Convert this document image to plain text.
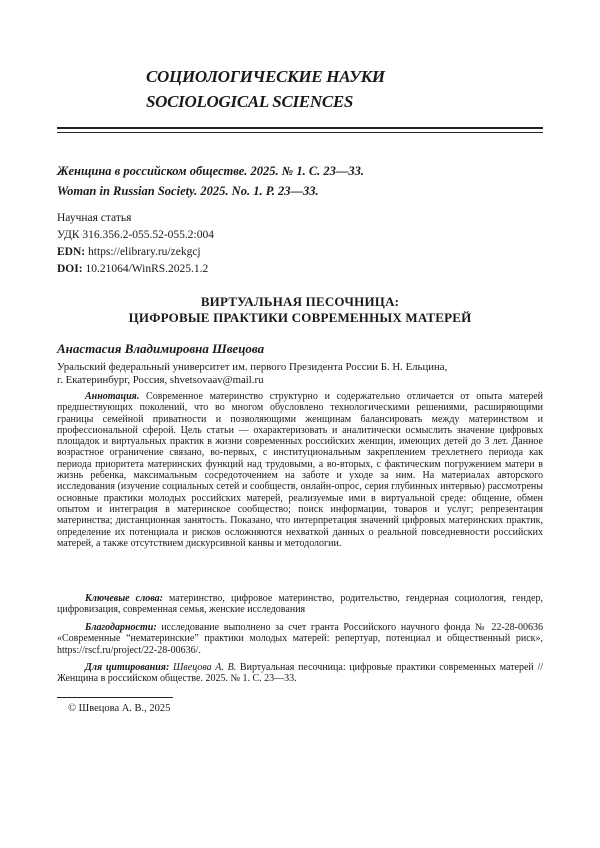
СОЦИОЛОГИЧЕСКИЕ НАУКИ
SOCIOLOGICAL SCIENCES
Женщина в российском обществе. 2025. № 1. С. 23—33.
Woman in Russian Society. 2025. No. 1. P. 23—33.
Научная статья
УДК 316.356.2-055.52-055.2:004
EDN: https://elibrary.ru/zekgcj
DOI: 10.21064/WinRS.2025.1.2
ВИРТУАЛЬНАЯ ПЕСОЧНИЦА:
ЦИФРОВЫЕ ПРАКТИКИ СОВРЕМЕННЫХ МАТЕРЕЙ
Анастасия Владимировна Швецова
Уральский федеральный университет им. первого Президента России Б. Н. Ельцина,
г. Екатеринбург, Россия, shvetsovaav@mail.ru

Аннотация. Современное материнство структурно и содержательно отличается от опыта матерей предшествующих поколений, что во многом обусловлено технологическими решениями, расширяющими границы семейной приватности и позволяющими женщинам балансировать между материнством и профессиональной сферой. Цель статьи — охарактеризовать и аналитически осмыслить значение цифровых площадок и виртуальных практик в жизни современных российских женщин, имеющих детей до 3 лет. Данное возрастное ограничение связано, во-первых, с институциональным закреплением трехлетнего периода как периода приоритета материнских функций над трудовыми, а во-вторых, с фактическим погружением матери в жизнь ребенка, максимальным сосредоточением на заботе и уходе за ним. На материалах авторского исследования (изучение социальных сетей и сообществ, онлайн-опрос, серия глубинных интервью) рассмотрены основные практики молодых российских матерей, реализуемые ими в виртуальной среде: общение, обмен опытом и интеграция в материнское сообщество; поиск информации, товаров и услуг; репрезентация материнства; дистанционная занятость. Показано, что интерпретация значений цифровых материнских практик, определение их потенциала и рисков осложняются нехваткой данных о реальной повседневности российских матерей, а также отсутствием дискурсивной канвы и методологии.

Ключевые слова: материнство, цифровое материнство, родительство, гендерная социология, гендер, цифровизация, современная семья, женские исследования

Благодарности: исследование выполнено за счет гранта Российского научного фонда № 22-28-00636 «Современные “нематеринские” практики молодых матерей: репертуар, потенциал и общественный риск», https://rscf.ru/project/22-28-00636/.

Для цитирования: Швецова А. В. Виртуальная песочница: цифровые практики современных матерей // Женщина в российском обществе. 2025. № 1. С. 23—33.

© Швецова А. В., 2025
